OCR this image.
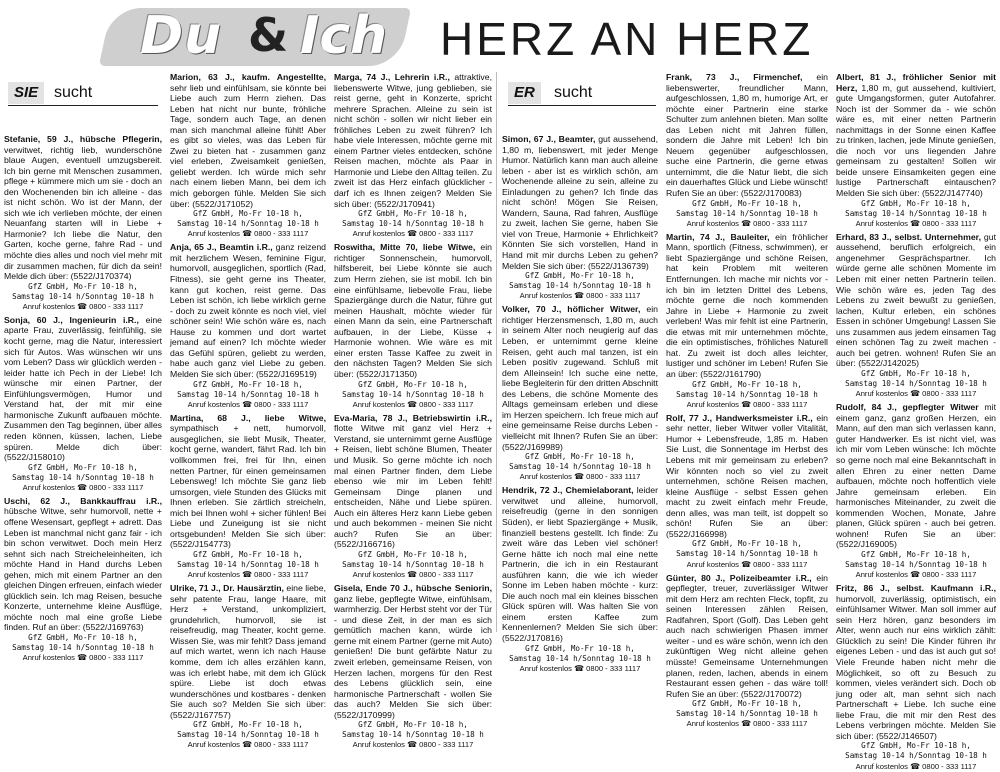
Du & Ich HERZ AN HERZ
SIE sucht

Stefanie, 59 J., hübsche Pflegerin, verwitwet, richtig lieb, wunderschöne blaue Augen, eventuell umzugsbereit. Ich bin gerne mit Menschen zusammen, pflege + kümmere mich um sie - doch an den Wochenenden bin ich alleine - das ist nicht schön. Wo ist der Mann, der sich wie ich verlieben möchte, der einen Neuanfang starten will in Liebe + Harmonie? Ich liebe die Natur, den Garten, koche gerne, fahre Rad - und möchte dies alles und noch viel mehr mit dir zusammen machen, für dich da sein! Melde dich über: (5522/J170374)

GfZ GmbH, Mo-Fr 10-18 h,
Samstag 10-14 h/Sonntag 10-18 h
Anruf kostenlos ☎ 0800 - 333 1117

Sonja, 60 J., Ingenieurin i.R., eine aparte Frau, zuverlässig, feinfühlig, sie kocht gerne, mag die Natur, interessiert sich für Autos. Was wünschen wir uns vom Leben? Dass wir glücklich werden - leider hatte ich Pech in der Liebe! Ich wünsche mir einen Partner, der Einfühlungsvermögen, Humor und Verstand hat, der mit mir eine harmonische Zukunft aufbauen möchte. Zusammen den Tag beginnen, über alles reden können, küssen, lachen, Liebe spüren. Melde dich über: (5522/J158010)

GfZ GmbH, Mo-Fr 10-18 h,
Samstag 10-14 h/Sonntag 10-18 h
Anruf kostenlos ☎ 0800 - 333 1117

Uschi, 62 J., Bankkauffrau i.R., hübsche Witwe, sehr humorvoll, nette + offene Wesensart, gepflegt + adrett. Das Leben ist manchmal nicht ganz fair - ich bin schon verwitwet. Doch mein Herz sehnt sich nach Streicheleinheiten, ich möchte Hand in Hand durchs Leben gehen, mich mit einem Partner an den gleichen Dingen erfreuen, einfach wieder glücklich sein. Ich mag Reisen, besuche Konzerte, unternehme kleine Ausflüge, möchte noch mal eine große Liebe finden. Ruf an über: (5522/J169763)

GfZ GmbH, Mo-Fr 10-18 h,
Samstag 10-14 h/Sonntag 10-18 h
Anruf kostenlos ☎ 0800 - 333 1117

Marion, 63 J., kaufm. Angestellte, sehr lieb und einfühlsam, sie könnte bei Liebe auch zum Herrn ziehen. Das Leben hat nicht nur bunte, fröhliche Tage, sondern auch Tage, an denen man sich manchmal alleine fühlt! Aber es gibt so vieles, was das Leben für Zwei zu bieten hat - zusammen ganz viel erleben, Zweisamkeit genießen, geliebt werden. Ich würde mich sehr nach einem lieben Mann, bei dem ich mich geborgen fühle. Melden Sie sich über: (5522/J171052)

GfZ GmbH, Mo-Fr 10-18 h,
Samstag 10-14 h/Sonntag 10-18 h
Anruf kostenlos ☎ 0800 - 333 1117

Anja, 65 J., Beamtin i.R., ganz reizend mit herzlichem Wesen, feminine Figur, humorvoll, ausgeglichen, sportlich (Rad, Fitness), sie geht gerne ins Theater, kann gut kochen, reist gerne. Das Leben ist schön, ich liebe wirklich gerne - doch zu zweit könnte es noch viel, viel schöner sein! Wie schön wäre es, nach Hause zu kommen und dort wartet jemand auf einen? Ich möchte wieder das Gefühl spüren, geliebt zu werden, habe auch ganz viel Liebe zu geben. Melden Sie sich über: (5522/J169519)

GfZ GmbH, Mo-Fr 10-18 h,
Samstag 10-14 h/Sonntag 10-18 h
Anruf kostenlos ☎ 0800 - 333 1117

Martina, 68 J., liebe Witwe, sympathisch + nett, humorvoll, ausgeglichen, sie liebt Musik, Theater, kocht gerne, wandert, fährt Rad. Ich bin vollkommen frei, frei für Ihn, einen netten Partner, für einen gemeinsamen Lebensweg! Ich möchte Sie ganz lieb umsorgen, viele Stunden des Glücks mit Ihnen erleben. Sie zärtlich streicheln, mich bei Ihnen wohl + sicher fühlen! Bei Liebe und Zuneigung ist sie nicht ortsgebunden! Melden Sie sich über: (5522/J154773)

GfZ GmbH, Mo-Fr 10-18 h,
Samstag 10-14 h/Sonntag 10-18 h
Anruf kostenlos ☎ 0800 - 333 1117

Ulrike, 71 J., Dr. Hausärztin, eine liebe, sehr patente Frau, lange Haare, mit Herz + Verstand, unkompliziert, grundehrlich, humorvoll, sie ist reisefreudig, mag Theater, kocht gerne. Wissen Sie, was mir fehlt? Dass jemand auf mich wartet, wenn ich nach Hause komme, dem ich alles erzählen kann, was ich erlebt habe, mit dem ich Glück spüre. Liebe ist doch etwas wunderschönes und kostbares - denken Sie auch so? Melden Sie sich über: (5522/J167757)

GfZ GmbH, Mo-Fr 10-18 h,
Samstag 10-14 h/Sonntag 10-18 h
Anruf kostenlos ☎ 0800 - 333 1117

Marga, 74 J., Lehrerin i.R., attraktive, liebenswerte Witwe, jung geblieben, sie reist gerne, geht in Konzerte, spricht mehrere Sprachen. Alleine zu sein ist nicht schön - sollen wir nicht lieber ein fröhliches Leben zu zweit führen? Ich habe viele Interessen, möchte gerne mit einem Partner vieles entdecken, schöne Reisen machen, möchte als Paar in Harmonie und Liebe den Alltag teilen. Zu zweit ist das Herz einfach glücklicher - darf ich es Ihnen zeigen? Melden Sie sich über: (5522/J170941)

GfZ GmbH, Mo-Fr 10-18 h,
Samstag 10-14 h/Sonntag 10-18 h
Anruf kostenlos ☎ 0800 - 333 1117

Roswitha, Mitte 70, liebe Witwe, ein richtiger Sonnenschein, humorvoll, hilfsbereit, bei Liebe könnte sie auch zum Herrn ziehen, sie ist mobil. Ich bin eine einfühlsame, liebevolle Frau, liebe Spaziergänge durch die Natur, führe gut meinen Haushalt, möchte wieder für einen Mann da sein, eine Partnerschaft aufbauen, in der Liebe, Küsse + Harmonie wohnen. Wie wäre es mit einer ersten Tasse Kaffee zu zweit in den nächsten Tagen? Melden Sie sich über: (5522/J171350)

GfZ GmbH, Mo-Fr 10-18 h,
Samstag 10-14 h/Sonntag 10-18 h
Anruf kostenlos ☎ 0800 - 333 1117

Eva-Maria, 78 J., Betriebswirtin i.R., flotte Witwe mit ganz viel Herz + Verstand, sie unternimmt gerne Ausflüge + Reisen, liebt schöne Blumen, Theater und Musik. So gerne möchte ich noch mal einen Partner finden, dem Liebe ebenso wie mir im Leben fehlt! Gemeinsam Dinge planen und entscheiden, Nähe und Liebe spüren. Auch ein älteres Herz kann Liebe geben und auch bekommen - meinen Sie nicht auch? Rufen Sie an über: (5522/J166716)

GfZ GmbH, Mo-Fr 10-18 h,
Samstag 10-14 h/Sonntag 10-18 h
Anruf kostenlos ☎ 0800 - 333 1117

Gisela, Ende 70 J., hübsche Seniorin, ganz liebe, gepflegte Witwe, einfühlsam, warmherzig. Der Herbst steht vor der Tür - und diese Zeit, in der man es sich gemütlich machen kann, würde ich gerne mit einem Partner (gerne mit Auto) genießen! Die bunt gefärbte Natur zu zweit erleben, gemeinsame Reisen, von Herzen lachen, morgens für den Rest des Lebens glücklich sein, eine harmonische Partnerschaft - wollen Sie das auch? Melden Sie sich über: (5522/J170999)

GfZ GmbH, Mo-Fr 10-18 h,
Samstag 10-14 h/Sonntag 10-18 h
Anruf kostenlos ☎ 0800 - 333 1117
ER	sucht

Simon, 67 J., Beamter, gut aussehend, 1,80 m, liebenswert, mit jeder Menge Humor. Natürlich kann man auch alleine leben - aber ist es wirklich schön, am Wochenende alleine zu sein, alleine zu Einladungen zu gehen? Ich finde das nicht schön! Mögen Sie Reisen, Wandern, Sauna, Rad fahren, Ausflüge zu zweit, lachen Sie gerne, haben Sie viel von Treue, Harmonie + Ehrlichkeit? Könnten Sie sich vorstellen, Hand in Hand mit mir durchs Leben zu gehen? Melden Sie sich über: (5522/J136739)

GfZ GmbH, Mo-Fr 10-18 h,
Samstag 10-14 h/Sonntag 10-18 h
Anruf kostenlos ☎ 0800 - 333 1117

Volker, 70 J., höflicher Witwer, ein richtiger Herzensmensch, 1,80 m, auch in seinem Alter noch neugierig auf das Leben, er unternimmt gerne kleine Reisen, geht auch mal tanzen, ist ein Leben positiv zugewand. Schluß mit dem Alleinsein! Ich suche eine nette, liebe Begleiterin für den dritten Abschnitt des Lebens, die schöne Momente des Alltags gemeinsam erleben und diese im Herzen speichern. Ich freue mich auf eine gemeinsame Reise durchs Leben - vielleicht mit Ihnen? Rufen Sie an über: (5522/J169989)

GfZ GmbH, Mo-Fr 10-18 h,
Samstag 10-14 h/Sonntag 10-18 h
Anruf kostenlos ☎ 0800 - 333 1117

Hendrik, 72 J., Chemielaborant, leider verwitwet und alleine, humorvoll, reisefreudig (gerne in den sonnigen Süden), er liebt Spaziergänge + Musik, finanziell bestens gestellt. Ich finde: Zu zweit wäre das Leben viel schöner! Gerne hätte ich noch mal eine nette Partnerin, die ich in ein Restaurant ausführen kann, die wie ich wieder Sonne im Leben haben möchte - kurz: Die auch noch mal ein kleines bisschen Glück spüren will. Was halten Sie von einem ersten Kaffee zum Kennenlernen? Melden Sie sich über: (5522/J170816)

GfZ GmbH, Mo-Fr 10-18 h,
Samstag 10-14 h/Sonntag 10-18 h
Anruf kostenlos ☎ 0800 - 333 1117

Frank, 73 J., Firmenchef, ein liebenswerter, freundlicher Mann, aufgeschlossen, 1,80 m, humorige Art, er möchte einer Partnerin eine starke Schulter zum anlehnen bieten. Man sollte das Leben nicht mit Jahren füllen, sondern die Jahre mit Leben! Ich bin Neuem gegenüber aufgeschlossen, suche eine Partnerin, die gerne etwas unternimmt, die die Natur liebt, die sich ein dauerhaftes Glück und Liebe wünscht! Rufen Sie an über: (5522/J170083)

GfZ GmbH, Mo-Fr 10-18 h,
Samstag 10-14 h/Sonntag 10-18 h
Anruf kostenlos ☎ 0800 - 333 1117

Martin, 74 J., Bauleiter, ein fröhlicher Mann, sportlich (Fitness, schwimmen), er liebt Spaziergänge und schöne Reisen, hat kein Problem mit weiteren Entfernungen. Ich mache mir nichts vor - ich bin im letzten Drittel des Lebens, möchte gerne die noch kommenden Jahre in Liebe + Harmonie zu zweit verleben! Was mir fehlt ist eine Partnerin, die etwas mit mir unternehmen möchte, die ein optimistisches, fröhliches Naturell hat. Zu zweit ist doch alles leichter, lustiger und schöner im Leben! Rufen Sie an über: (5522/J161790)

GfZ GmbH, Mo-Fr 10-18 h,
Samstag 10-14 h/Sonntag 10-18 h
Anruf kostenlos ☎ 0800 - 333 1117

Rolf, 77 J., Handwerksmeister i.R., ein sehr netter, lieber Witwer voller Vitalität, Humor + Lebensfreude, 1,85 m. Haben Sie Lust, die Sonnentage im Herbst des Lebens mit mir gemeinsam zu erleben? Wir könnten noch so viel zu zweit unternehmen, schöne Reisen machen, kleine Ausflüge - selbst Essen gehen macht zu zweit einfach mehr Freude, denn alles, was man teilt, ist doppelt so schön! Rufen Sie an über: (5522/J166998)

GfZ GmbH, Mo-Fr 10-18 h,
Samstag 10-14 h/Sonntag 10-18 h
Anruf kostenlos ☎ 0800 - 333 1117

Günter, 80 J., Polizeibeamter i.R., ein gepflegter, treuer, zuverlässiger Witwer mit dem Herz am rechten Fleck, topfit, zu seinen Interessen zählen Reisen, Radfahren, Sport (Golf). Das Leben geht auch nach schwierigen Phasen immer weiter - und es wäre schön, wenn ich den zukünftigen Weg nicht alleine gehen müsste! Gemeinsame Unternehmungen planen, reden, lachen, abends in einem Restaurant essen gehen - das wäre toll! Rufen Sie an über: (5522/J170072)

GfZ GmbH, Mo-Fr 10-18 h,
Samstag 10-14 h/Sonntag 10-18 h
Anruf kostenlos ☎ 0800 - 333 1117

Albert, 81 J., fröhlicher Senior mit Herz, 1,80 m, gut aussehend, kultiviert, gute Umgangsformen, guter Autofahrer. Noch ist der Sommer da - wie schön wäre es, mit einer netten Partnerin nachmittags in der Sonne einen Kaffee zu trinken, lachen, jede Minute genießen, die noch vor uns liegenden Jahre gemeinsam zu gestalten! Sollen wir beide unsere Einsamkeiten gegen eine lustige Partnerschaft eintauschen? Melden Sie sich über: (5522/J147740)

GfZ GmbH, Mo-Fr 10-18 h,
Samstag 10-14 h/Sonntag 10-18 h
Anruf kostenlos ☎ 0800 - 333 1117

Erhard, 83 J., selbst. Unternehmer, gut aussehend, beruflich erfolgreich, ein angenehmer Gesprächspartner. Ich würde gerne alle schönen Momente im Leben mit einer netten Partnerin teilen. Wie schön wäre es, jeden Tag des Lebens zu zweit bewußt zu genießen, lachen, Kultur erleben, ein schönes Essen in schöner Umgebung! Lassen Sie uns zusammen aus jedem einsamen Tag einen schönen Tag zu zweit machen - auch bei getren. wohnen! Rufen Sie an über: (5522/J142025)

GfZ GmbH, Mo-Fr 10-18 h,
Samstag 10-14 h/Sonntag 10-18 h
Anruf kostenlos ☎ 0800 - 333 1117

Rudolf, 84 J., gepflegter Witwer mit einem ganz, ganz großen Herzen, ein Mann, auf den man sich verlassen kann, guter Handwerker. Es ist nicht viel, was ich mir vom Leben wünsche: Ich möchte so gerne noch mal eine Bekanntschaft in allen Ehren zu einer netten Dame aufbauen, möchte noch hoffentlich viele Jahre gemeinsam erleben. Ein harmonisches Miteinander, zu zweit die kommenden Wochen, Monate, Jahre planen, Glück spüren - auch bei getren. wohnen! Rufen Sie an über: (5522/J169005)

GfZ GmbH, Mo-Fr 10-18 h,
Samstag 10-14 h/Sonntag 10-18 h
Anruf kostenlos ☎ 0800 - 333 1117

Fritz, 86 J., selbst. Kaufmann i.R., humorvoll, zuverlässig, optimistisch, ein einfühlsamer Witwer. Man soll immer auf sein Herz hören, ganz besonders im Alter, wenn auch nur eins wirklich zählt: Glücklich zu sein! Die Kinder führen ihr eigenes Leben - und das ist auch gut so! Viele Freunde haben nicht mehr die Möglichkeit, so oft zu Besuch zu kommen, vieles verändert sich. Doch ob jung oder alt, man sehnt sich nach Partnerschaft + Liebe. Ich suche eine liebe Frau, die mit mir den Rest des Lebens verbringen möchte. Melden Sie sich über: (5522/J146507)

GfZ GmbH, Mo-Fr 10-18 h,
Samstag 10-14 h/Sonntag 10-18 h
Anruf kostenlos ☎ 0800 - 333 1117
